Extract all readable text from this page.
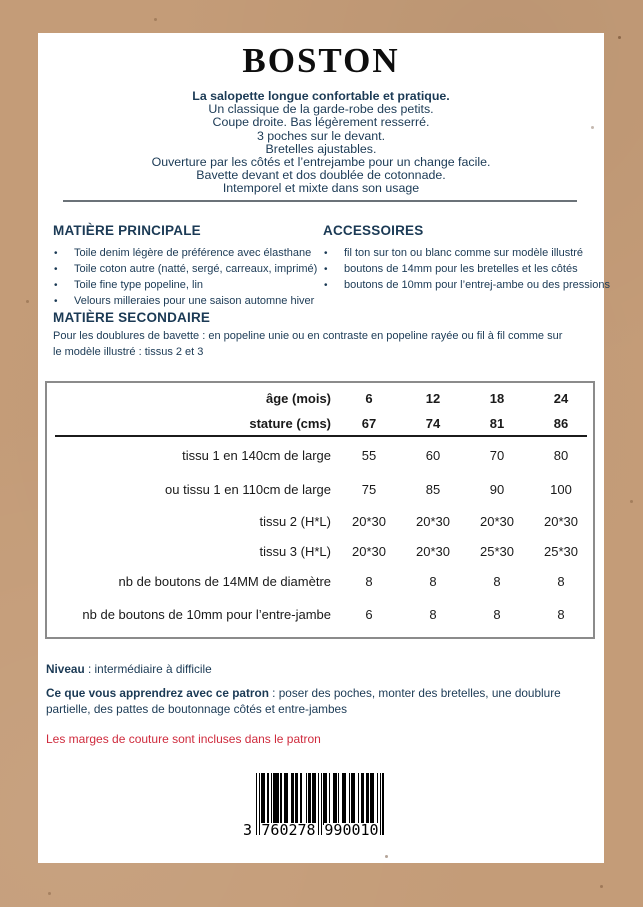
BOSTON
La salopette longue confortable et pratique.
Un classique de la garde-robe des petits.
Coupe droite. Bas légèrement resserré.
3 poches sur le devant.
Bretelles ajustables.
Ouverture par les côtés et l’entrejambe pour un change facile.
Bavette devant et dos doublée de cotonnade.
Intemporel et mixte dans son usage
MATIÈRE PRINCIPALE
• Toile denim légère de préférence avec élasthane
• Toile coton autre (natté, sergé, carreaux, imprimé)
• Toile fine type popeline, lin
• Velours milleraies pour une saison automne hiver
ACCESSOIRES
• fil ton sur ton ou blanc comme sur modèle illustré
• boutons de 14mm pour les bretelles et les côtés
• boutons de 10mm pour l’entrej-ambe ou des pressions
MATIÈRE SECONDAIRE

Pour les doublures de bavette : en popeline unie ou en contraste en popeline rayée ou fil à fil comme sur le modèle illustré : tissus 2 et 3

âge (mois)	6	12	18	24
stature (cms)	67	74	81	86
tissu 1 en 140cm de large	55	60	70	80
ou tissu 1 en 110cm de large	75	85	90	100
tissu 2 (H*L)	20*30	20*30	20*30	20*30
tissu 3 (H*L)	20*30	20*30	25*30	25*30
nb de boutons de 14MM de diamètre	8	8	8	8
nb de boutons de 10mm pour l’entre-jambe	6	8	8	8
Niveau : intermédiaire à difficile
Ce que vous apprendrez avec ce patron : poser des poches, monter des bretelles, une doublure partielle, des pattes de boutonnage côtés et entre-jambes
Les marges de couture sont incluses dans le patron
3 760278 990010
